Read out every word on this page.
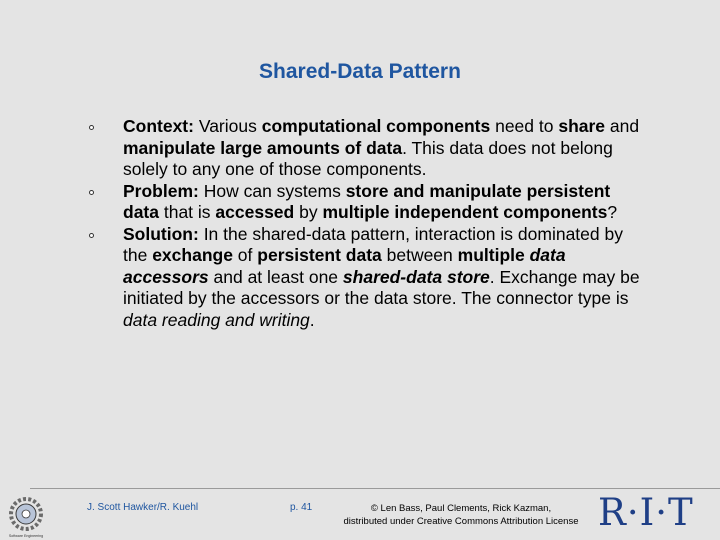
Shared-Data Pattern
Context: Various computational components need to share and manipulate large amounts of data. This data does not belong solely to any one of those components.
Problem: How can systems store and manipulate persistent data that is accessed by multiple independent components?
Solution: In the shared-data pattern, interaction is dominated by the exchange of persistent data between multiple data accessors and at least one shared-data store. Exchange may be initiated by the accessors or the data store. The connector type is data reading and writing.
Software Engineering
J. Scott Hawker/R. Kuehl	p. 41	© Len Bass, Paul Clements, Rick Kazman,
distributed under Creative Commons Attribution License R·I·T
